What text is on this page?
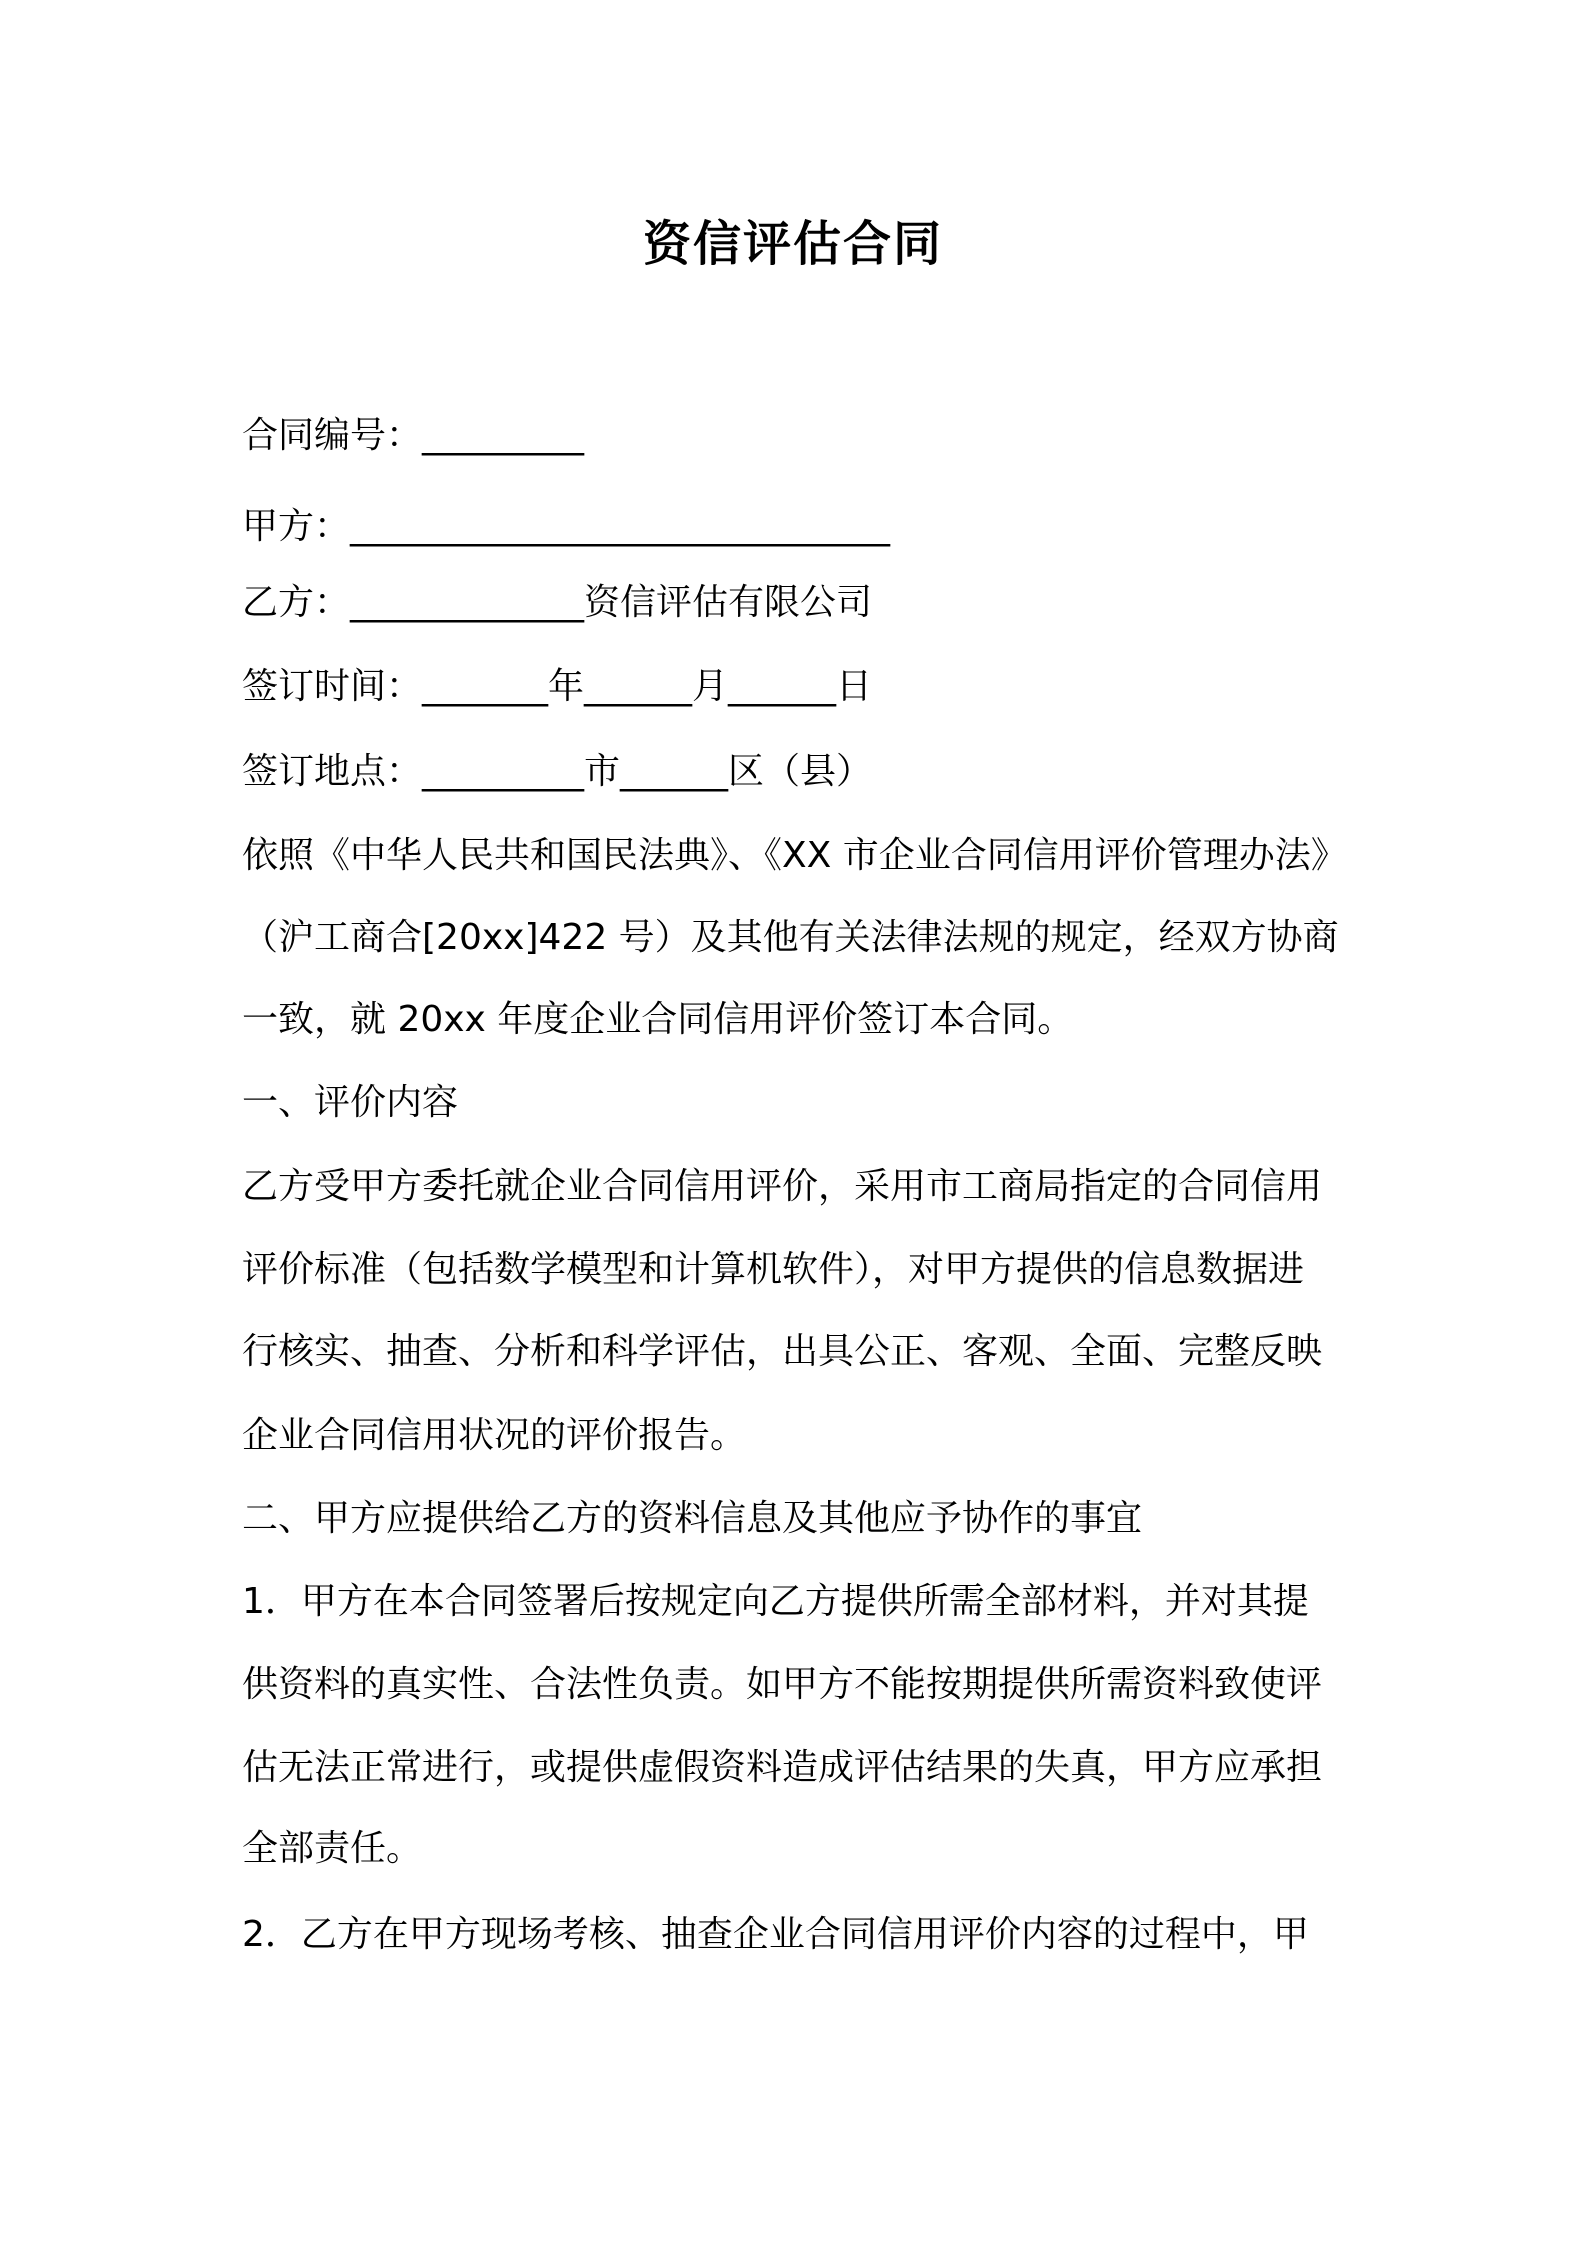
资信评估合同

合同编号：_________

甲方：______________________________

乙方：_____________资信评估有限公司

签订时间：_______年______月______日

签订地点：_________市______区（县）

依照《中华人民共和国民法典》、《XX 市企业合同信用评价管理办法》

（沪工商合[20xx]422 号）及其他有关法律法规的规定，经双方协商

一致，就 20xx 年度企业合同信用评价签订本合同。

一、评价内容

乙方受甲方委托就企业合同信用评价，采用市工商局指定的合同信用

评价标准（包括数学模型和计算机软件），对甲方提供的信息数据进

行核实、抽查、分析和科学评估，出具公正、客观、全面、完整反映

企业合同信用状况的评价报告。

二、甲方应提供给乙方的资料信息及其他应予协作的事宜

1．甲方在本合同签署后按规定向乙方提供所需全部材料，并对其提

供资料的真实性、合法性负责。如甲方不能按期提供所需资料致使评

估无法正常进行，或提供虚假资料造成评估结果的失真，甲方应承担

全部责任。

2．乙方在甲方现场考核、抽查企业合同信用评价内容的过程中，甲
